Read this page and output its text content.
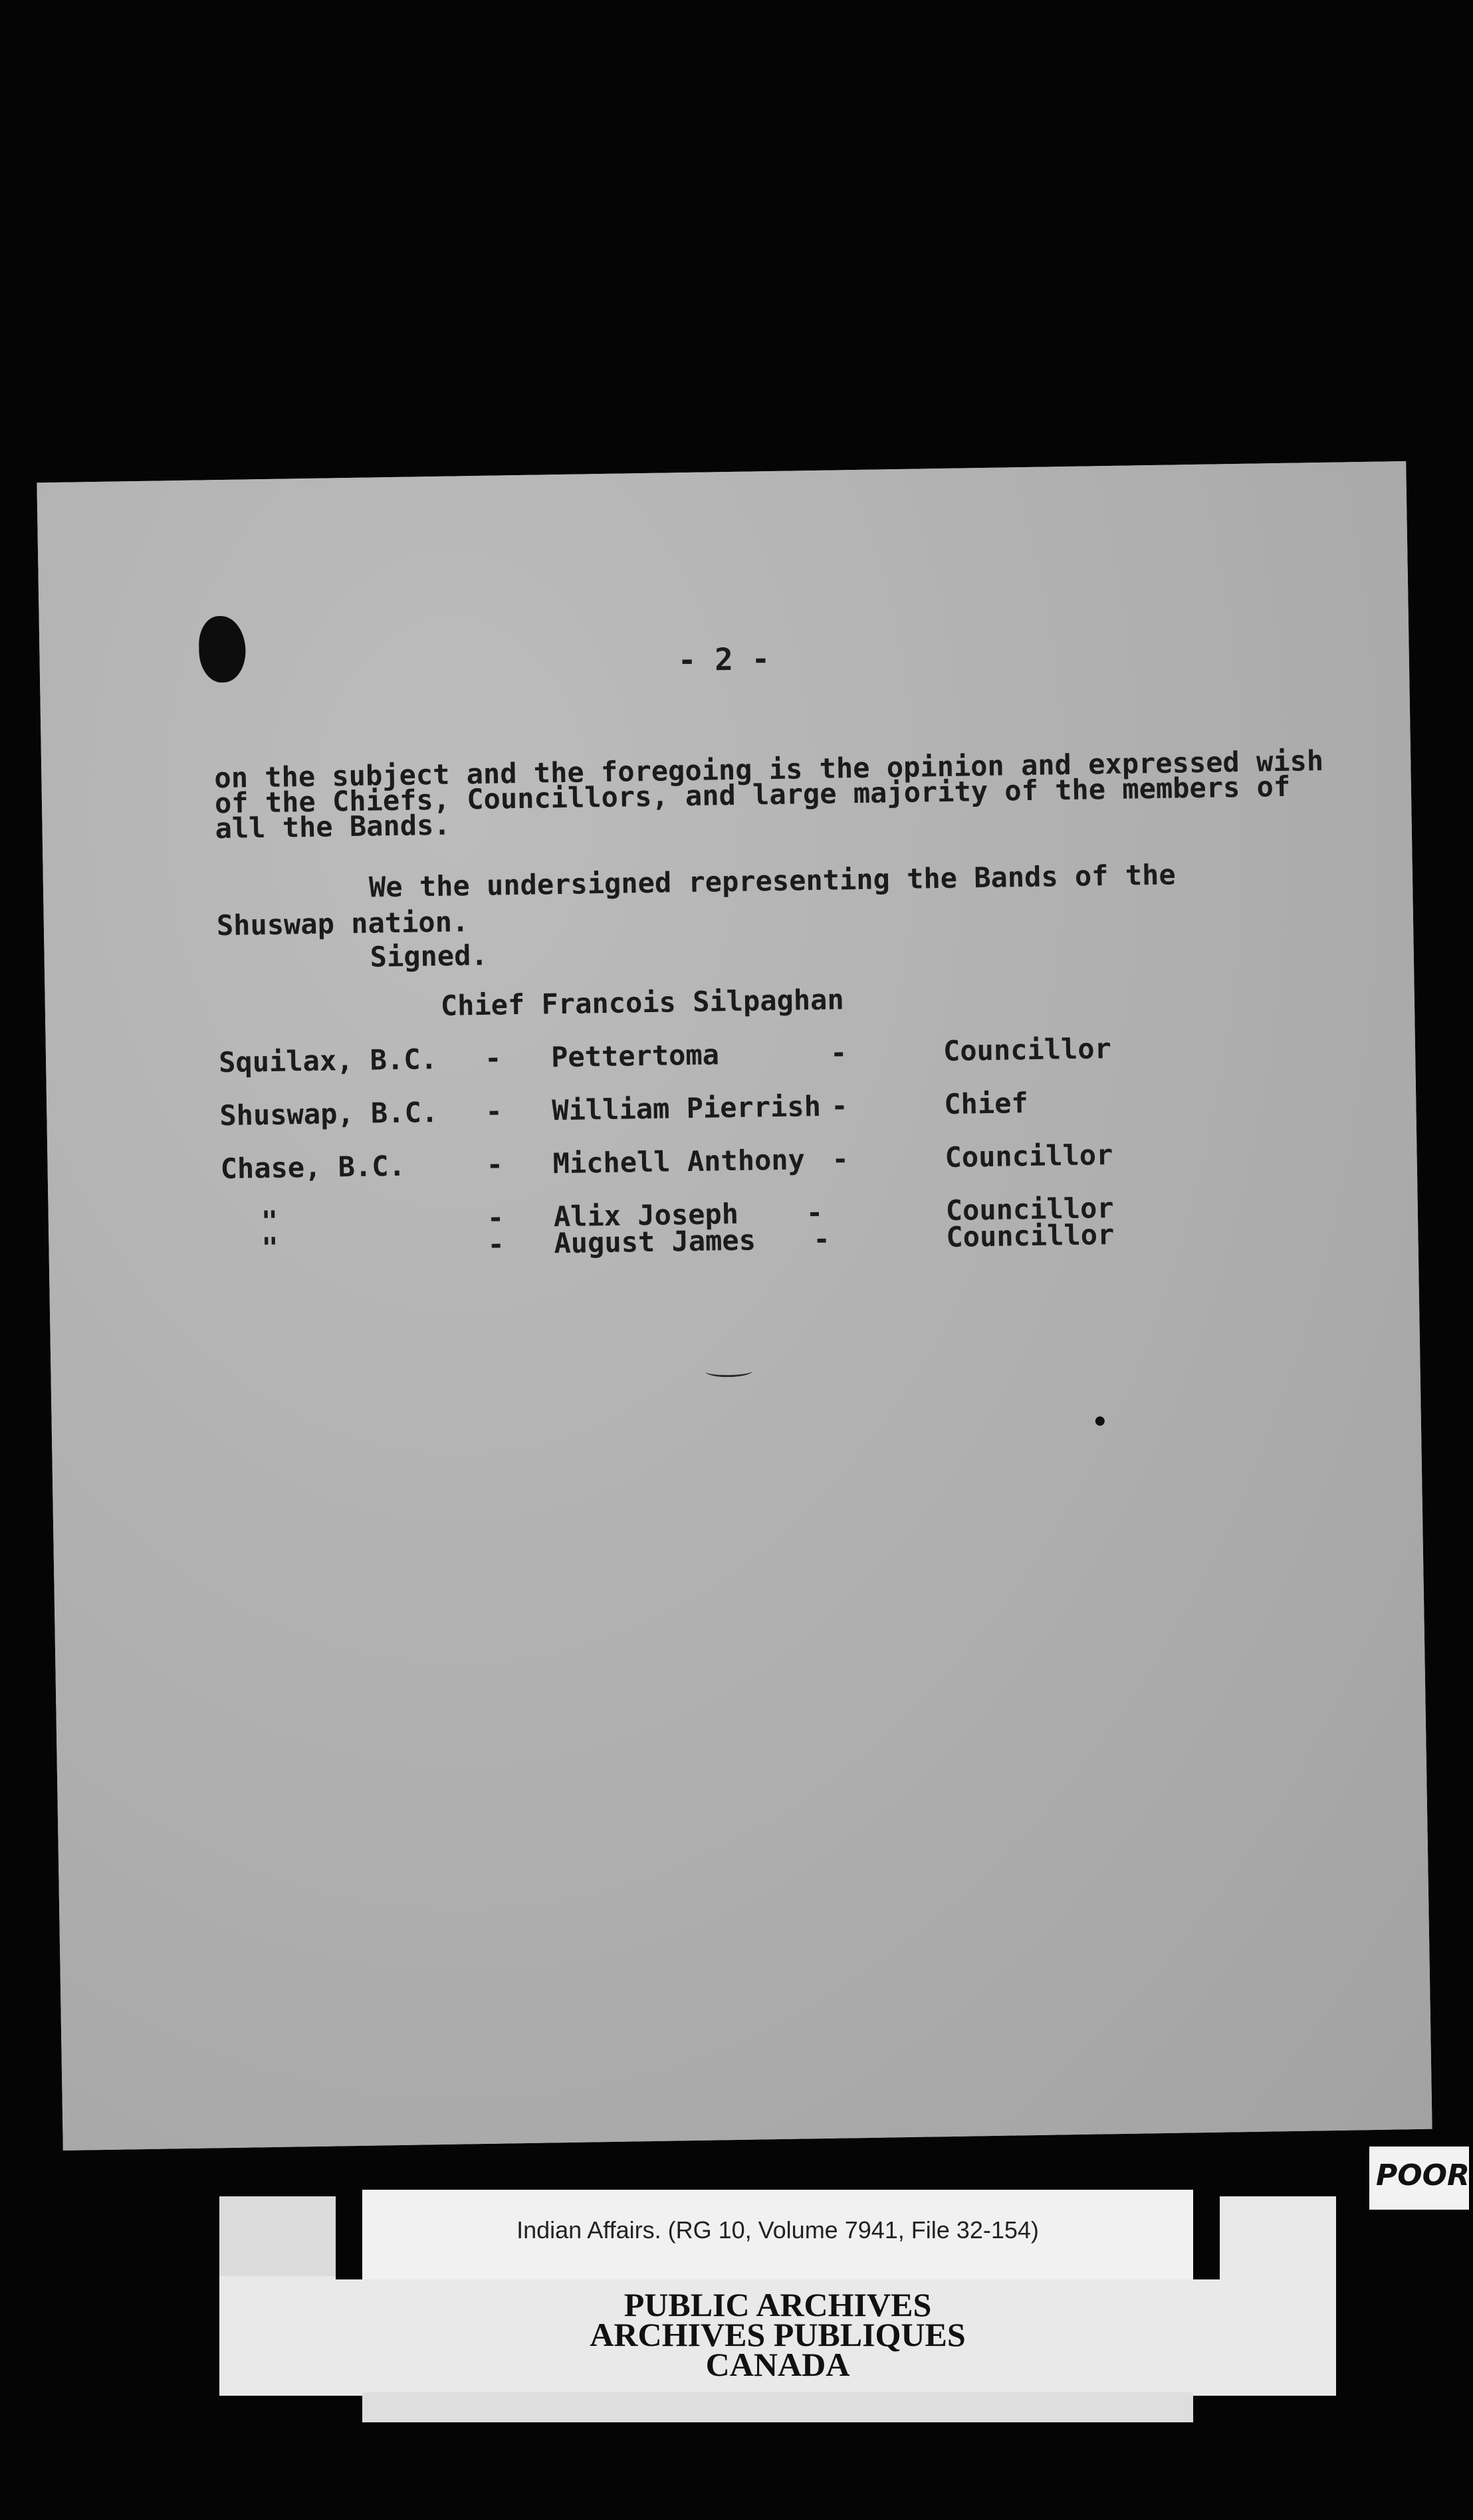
- 2 -
on the subject and the foregoing is the opinion and expressed wish of the Chiefs, Councillors, and large majority of the members of all the Bands.
We the undersigned representing the Bands of the Shuswap nation.
Signed.
Chief Francois Silpaghan
Squilax, B.C. - Pettertoma	-	Councillor
Shuswap, B.C. - William Pierrish -	Chief
Chase, B.C.	- Michell Anthony -	Councillor
"	- Alix Joseph -	Councillor
"	- August James -	Councillor
Indian Affairs. (RG 10, Volume 7941, File 32-154)
PUBLIC ARCHIVES
ARCHIVES PUBLIQUES
CANADA
POOR
